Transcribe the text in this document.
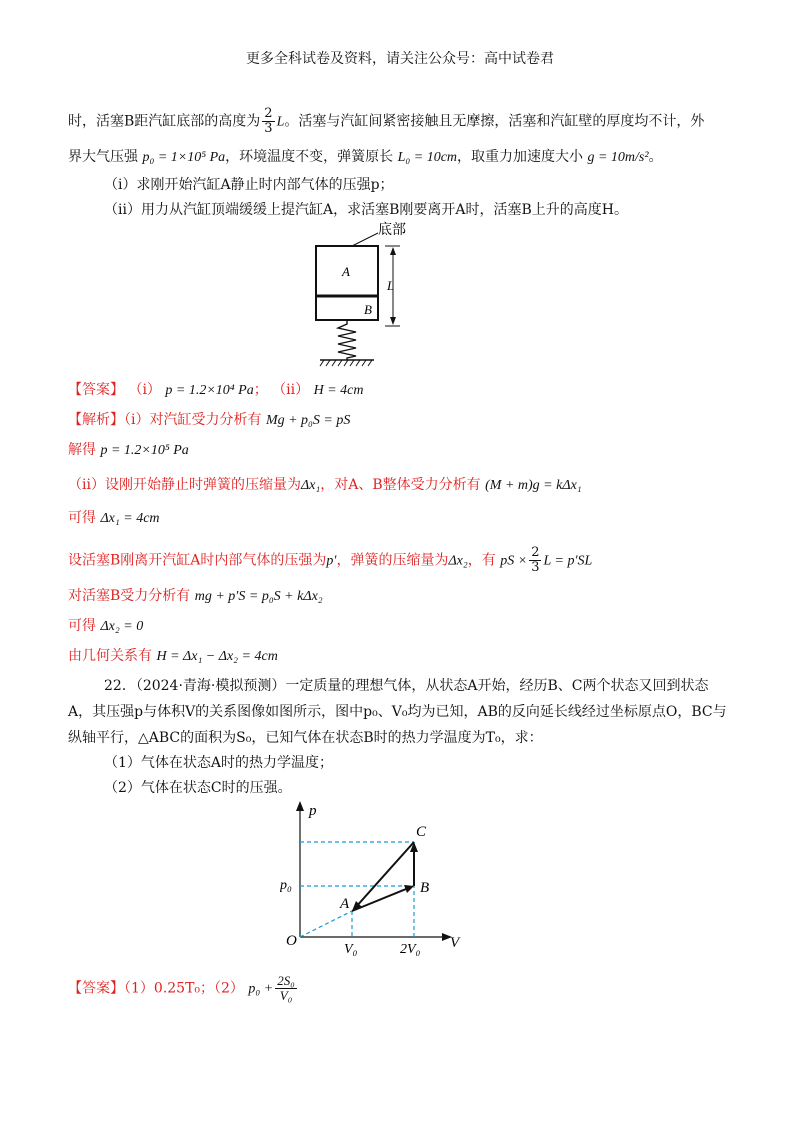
更多全科试卷及资料，请关注公众号：高中试卷君
时，活塞B距汽缸底部的高度为 $\frac{2}{3}$ L。活塞与汽缸间紧密接触且无摩擦，活塞和汽缸壁的厚度均不计，外
界大气压强 p₀ = 1×10⁵ Pa，环境温度不变，弹簧原长 L₀ = 10cm，取重力加速度大小 g = 10m/s²。
（i）求刚开始汽缸A静止时内部气体的压强p；
（ii）用力从汽缸顶端缓缓上提汽缸A，求活塞B刚要离开A时，活塞B上升的高度H。
底部
A
B
L
【答案】 （i） p = 1.2×10⁴ Pa； （ii） H = 4cm
【解析】（i）对汽缸受力分析有 Mg + p₀S = pS
解得 p = 1.2×10⁵ Pa
（ii）设刚开始静止时弹簧的压缩量为Δx₁，对A、B整体受力分析有 (M + m)g = kΔx₁
可得 Δx₁ = 4cm
设活塞B刚离开汽缸A时内部气体的压强为p′，弹簧的压缩量为Δx₂，有 pS × $\frac{2}{3}$ L = p′SL
对活塞B受力分析有 mg + p′S = p₀S + kΔx₂
可得 Δx₂ = 0
由几何关系有 H = Δx₁ − Δx₂ = 4cm
22．（2024·青海·模拟预测）一定质量的理想气体，从状态A开始，经历B、C两个状态又回到状态
A，其压强p与体积V的关系图像如图所示，图中p₀、V₀均为已知，AB的反向延长线经过坐标原点O，BC与
纵轴平行，△ABC的面积为S₀，已知气体在状态B时的热力学温度为T₀，求：
（1）气体在状态A时的热力学温度；
（2）气体在状态C时的压强。
p
V
O
A
B
C
p₀
V₀	2V₀
【答案】（1）0.25T₀；（2） $p_0 + \frac{\text{2S₀}}{\text{V₀}}$
